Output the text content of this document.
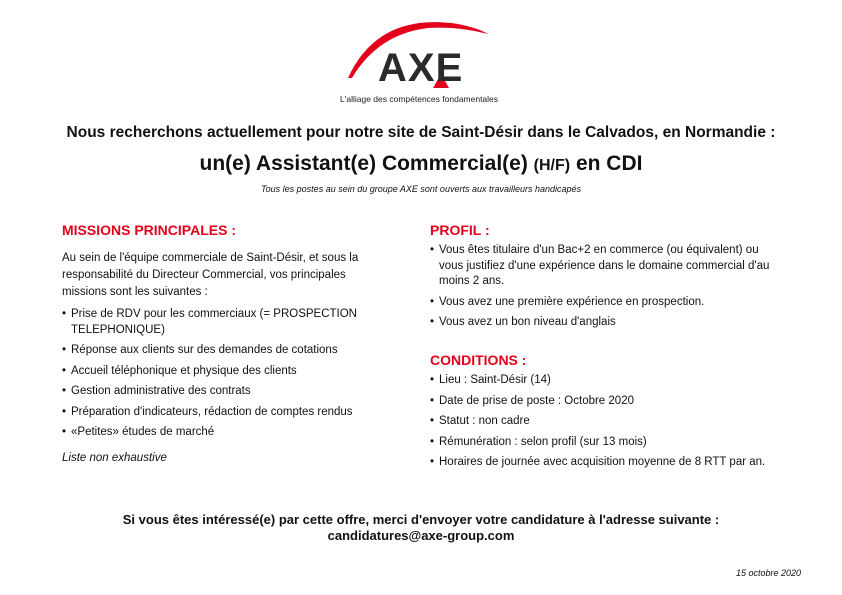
AXE
L'alliage des compétences fondamentales
Nous recherchons actuellement pour notre site de Saint-Désir dans le Calvados, en Normandie :
un(e) Assistant(e) Commercial(e) (H/F) en CDI
Tous les postes au sein du groupe AXE sont ouverts aux travailleurs handicapés
MISSIONS PRINCIPALES :
Au sein de l'équipe commerciale de Saint-Désir, et sous la responsabilité du Directeur Commercial, vos principales missions sont les suivantes :
• Prise de RDV pour les commerciaux (= PROSPECTION TELEPHONIQUE)
• Réponse aux clients sur des demandes de cotations
• Accueil téléphonique et physique des clients
• Gestion administrative des contrats
• Préparation d'indicateurs, rédaction de comptes rendus
• «Petites» études de marché
Liste non exhaustive
PROFIL :
• Vous êtes titulaire d'un Bac+2 en commerce (ou équivalent) ou vous justifiez d'une expérience dans le domaine commercial d'au moins 2 ans.
• Vous avez une première expérience en prospection.
• Vous avez un bon niveau d'anglais
CONDITIONS :
• Lieu : Saint-Désir (14)
• Date de prise de poste : Octobre 2020
• Statut : non cadre
• Rémunération : selon profil (sur 13 mois)
• Horaires de journée avec acquisition moyenne de 8 RTT par an.
Si vous êtes intéressé(e) par cette offre, merci d'envoyer votre candidature à l'adresse suivante :
candidatures@axe-group.com
15 octobre 2020
